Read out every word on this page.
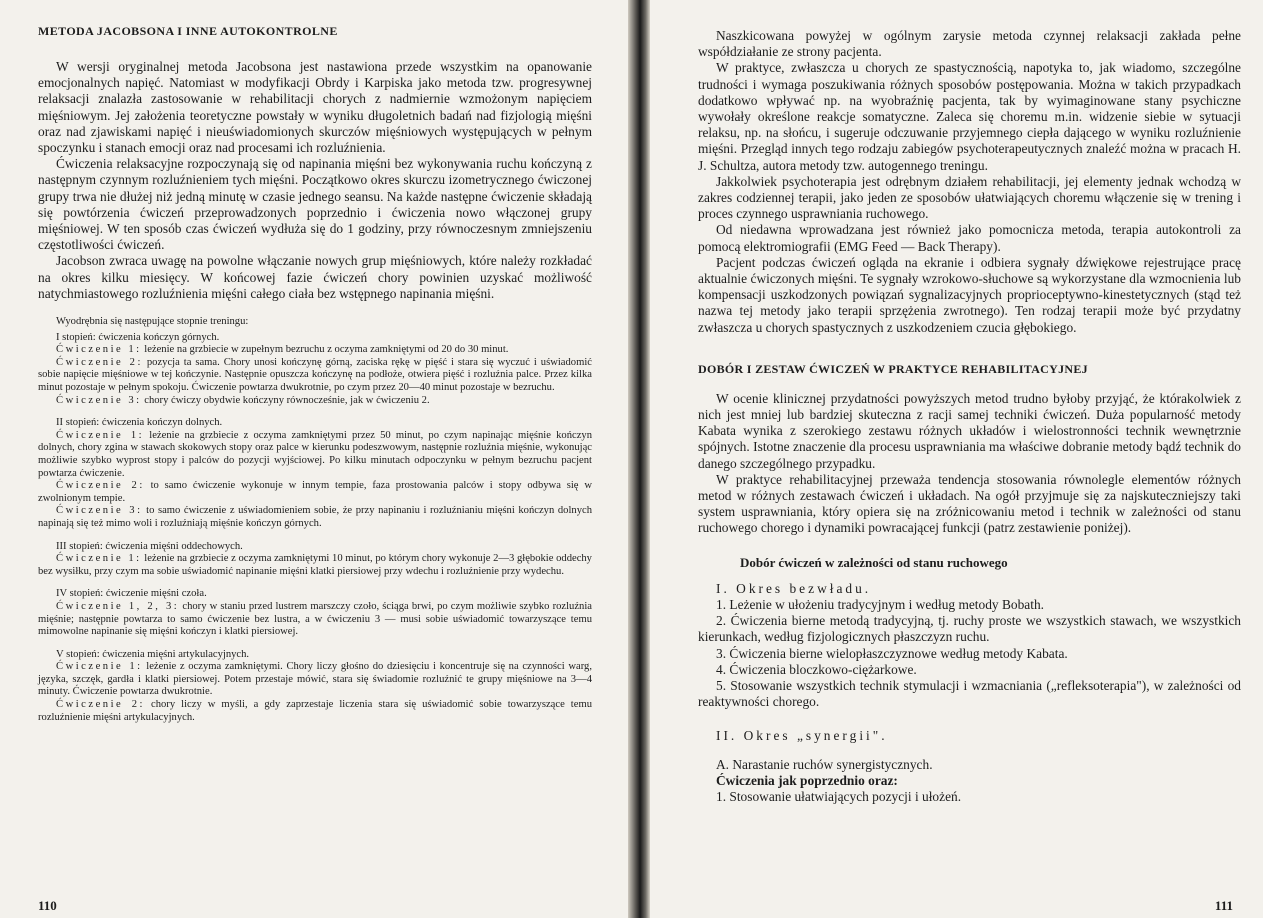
METODA JACOBSONA I INNE AUTOKONTROLNE

W wersji oryginalnej metoda Jacobsona jest nastawiona przede wszystkim na opanowanie emocjonalnych napięć. Natomiast w modyfikacji Obrdy i Karpiska jako metoda tzw. progresywnej relaksacji znalazła zastosowanie w rehabilitacji chorych z nadmiernie wzmożonym napięciem mięśniowym. Jej założenia teoretyczne powstały w wyniku długoletnich badań nad fizjologią mięśni oraz nad zjawiskami napięć i nieuświadomionych skurczów mięśniowych występujących w pełnym spoczynku i stanach emocji oraz nad procesami ich rozluźnienia.

Ćwiczenia relaksacyjne rozpoczynają się od napinania mięśni bez wykonywania ruchu kończyną z następnym czynnym rozluźnieniem tych mięśni. Początkowo okres skurczu izometrycznego ćwiczonej grupy trwa nie dłużej niż jedną minutę w czasie jednego seansu. Na każde następne ćwiczenie składają się powtórzenia ćwiczeń przeprowadzonych poprzednio i ćwiczenia nowo włączonej grupy mięśniowej. W ten sposób czas ćwiczeń wydłuża się do 1 godziny, przy równoczesnym zmniejszeniu częstotliwości ćwiczeń.

Jacobson zwraca uwagę na powolne włączanie nowych grup mięśniowych, które należy rozkładać na okres kilku miesięcy. W końcowej fazie ćwiczeń chory powinien uzyskać możliwość natychmiastowego rozluźnienia mięśni całego ciała bez wstępnego napinania mięśni.

Wyodrębnia się następujące stopnie treningu:

I stopień: ćwiczenia kończyn górnych.

Ćwiczenie 1: leżenie na grzbiecie w zupełnym bezruchu z oczyma zamkniętymi od 20 do 30 minut.

Ćwiczenie 2: pozycja ta sama. Chory unosi kończynę górną, zaciska rękę w pięść i stara się wyczuć i uświadomić sobie napięcie mięśniowe w tej kończynie. Następnie opuszcza kończynę na podłoże, otwiera pięść i rozluźnia palce. Przez kilka minut pozostaje w pełnym spokoju. Ćwiczenie powtarza dwukrotnie, po czym przez 20—40 minut pozostaje w bezruchu.

Ćwiczenie 3: chory ćwiczy obydwie kończyny równocześnie, jak w ćwiczeniu 2.

II stopień: ćwiczenia kończyn dolnych.

Ćwiczenie 1: leżenie na grzbiecie z oczyma zamkniętymi przez 50 minut, po czym napinając mięśnie kończyn dolnych, chory zgina w stawach skokowych stopy oraz palce w kierunku podeszwowym, następnie rozluźnia mięśnie, wykonując możliwie szybko wyprost stopy i palców do pozycji wyjściowej. Po kilku minutach odpoczynku w pełnym bezruchu pacjent powtarza ćwiczenie.

Ćwiczenie 2: to samo ćwiczenie wykonuje w innym tempie, faza prostowania palców i stopy odbywa się w zwolnionym tempie.

Ćwiczenie 3: to samo ćwiczenie z uświadomieniem sobie, że przy napinaniu i rozluźnianiu mięśni kończyn dolnych napinają się też mimo woli i rozluźniają mięśnie kończyn górnych.

III stopień: ćwiczenia mięśni oddechowych.

Ćwiczenie 1: leżenie na grzbiecie z oczyma zamkniętymi 10 minut, po którym chory wykonuje 2—3 głębokie oddechy bez wysiłku, przy czym ma sobie uświadomić napinanie mięśni klatki piersiowej przy wdechu i rozluźnienie przy wydechu.

IV stopień: ćwiczenie mięśni czoła.

Ćwiczenie 1, 2, 3: chory w staniu przed lustrem marszczy czoło, ściąga brwi, po czym możliwie szybko rozluźnia mięśnie; następnie powtarza to samo ćwiczenie bez lustra, a w ćwiczeniu 3 — musi sobie uświadomić towarzyszące temu mimowolne napinanie się mięśni kończyn i klatki piersiowej.

V stopień: ćwiczenia mięśni artykulacyjnych.

Ćwiczenie 1: leżenie z oczyma zamkniętymi. Chory liczy głośno do dziesięciu i koncentruje się na czynności warg, języka, szczęk, gardła i klatki piersiowej. Potem przestaje mówić, stara się świadomie rozluźnić te grupy mięśniowe na 3—4 minuty. Ćwiczenie powtarza dwukrotnie.

Ćwiczenie 2: chory liczy w myśli, a gdy zaprzestaje liczenia stara się uświadomić sobie towarzyszące temu rozluźnienie mięśni artykulacyjnych.

110

Naszkicowana powyżej w ogólnym zarysie metoda czynnej relaksacji zakłada pełne współdziałanie ze strony pacjenta.

W praktyce, zwłaszcza u chorych ze spastycznością, napotyka to, jak wiadomo, szczególne trudności i wymaga poszukiwania różnych sposobów postępowania. Można w takich przypadkach dodatkowo wpływać np. na wyobraźnię pacjenta, tak by wyimaginowane stany psychiczne wywołały określone reakcje somatyczne. Zaleca się choremu m.in. widzenie siebie w sytuacji relaksu, np. na słońcu, i sugeruje odczuwanie przyjemnego ciepła dającego w wyniku rozluźnienie mięśni. Przegląd innych tego rodzaju zabiegów psychoterapeutycznych znaleźć można w pracach H. J. Schultza, autora metody tzw. autogennego treningu.

Jakkolwiek psychoterapia jest odrębnym działem rehabilitacji, jej elementy jednak wchodzą w zakres codziennej terapii, jako jeden ze sposobów ułatwiających choremu włączenie się w trening i proces czynnego usprawniania ruchowego.

Od niedawna wprowadzana jest również jako pomocnicza metoda, terapia autokontroli za pomocą elektromiografii (EMG Feed — Back Therapy).

Pacjent podczas ćwiczeń ogląda na ekranie i odbiera sygnały dźwiękowe rejestrujące pracę aktualnie ćwiczonych mięśni. Te sygnały wzrokowo-słuchowe są wykorzystane dla wzmocnienia lub kompensacji uszkodzonych powiązań sygnalizacyjnych proprioceptywno-kinestetycznych (stąd też nazwa tej metody jako terapii sprzężenia zwrotnego). Ten rodzaj terapii może być przydatny zwłaszcza u chorych spastycznych z uszkodzeniem czucia głębokiego.

DOBÓR I ZESTAW ĆWICZEŃ W PRAKTYCE REHABILITACYJNEJ

W ocenie klinicznej przydatności powyższych metod trudno byłoby przyjąć, że którakolwiek z nich jest mniej lub bardziej skuteczna z racji samej techniki ćwiczeń. Duża popularność metody Kabata wynika z szerokiego zestawu różnych układów i wielostronności technik wewnętrznie spójnych. Istotne znaczenie dla procesu usprawniania ma właściwe dobranie metody bądź technik do danego szczególnego przypadku.

W praktyce rehabilitacyjnej przeważa tendencja stosowania równolegle elementów różnych metod w różnych zestawach ćwiczeń i układach. Na ogół przyjmuje się za najskuteczniejszy taki system usprawniania, który opiera się na zróżnicowaniu metod i technik w zależności od stanu ruchowego chorego i dynamiki powracającej funkcji (patrz zestawienie poniżej).

Dobór ćwiczeń w zależności od stanu ruchowego

I. Okres bezwładu.

1. Leżenie w ułożeniu tradycyjnym i według metody Bobath.

2. Ćwiczenia bierne metodą tradycyjną, tj. ruchy proste we wszystkich stawach, we wszystkich kierunkach, według fizjologicznych płaszczyzn ruchu.

3. Ćwiczenia bierne wielopłaszczyznowe według metody Kabata.

4. Ćwiczenia bloczkowo-ciężarkowe.

5. Stosowanie wszystkich technik stymulacji i wzmacniania („refleksoterapia"), w zależności od reaktywności chorego.

II. Okres „synergii".

A. Narastanie ruchów synergistycznych.

Ćwiczenia jak poprzednio oraz:

1. Stosowanie ułatwiających pozycji i ułożeń.

111
